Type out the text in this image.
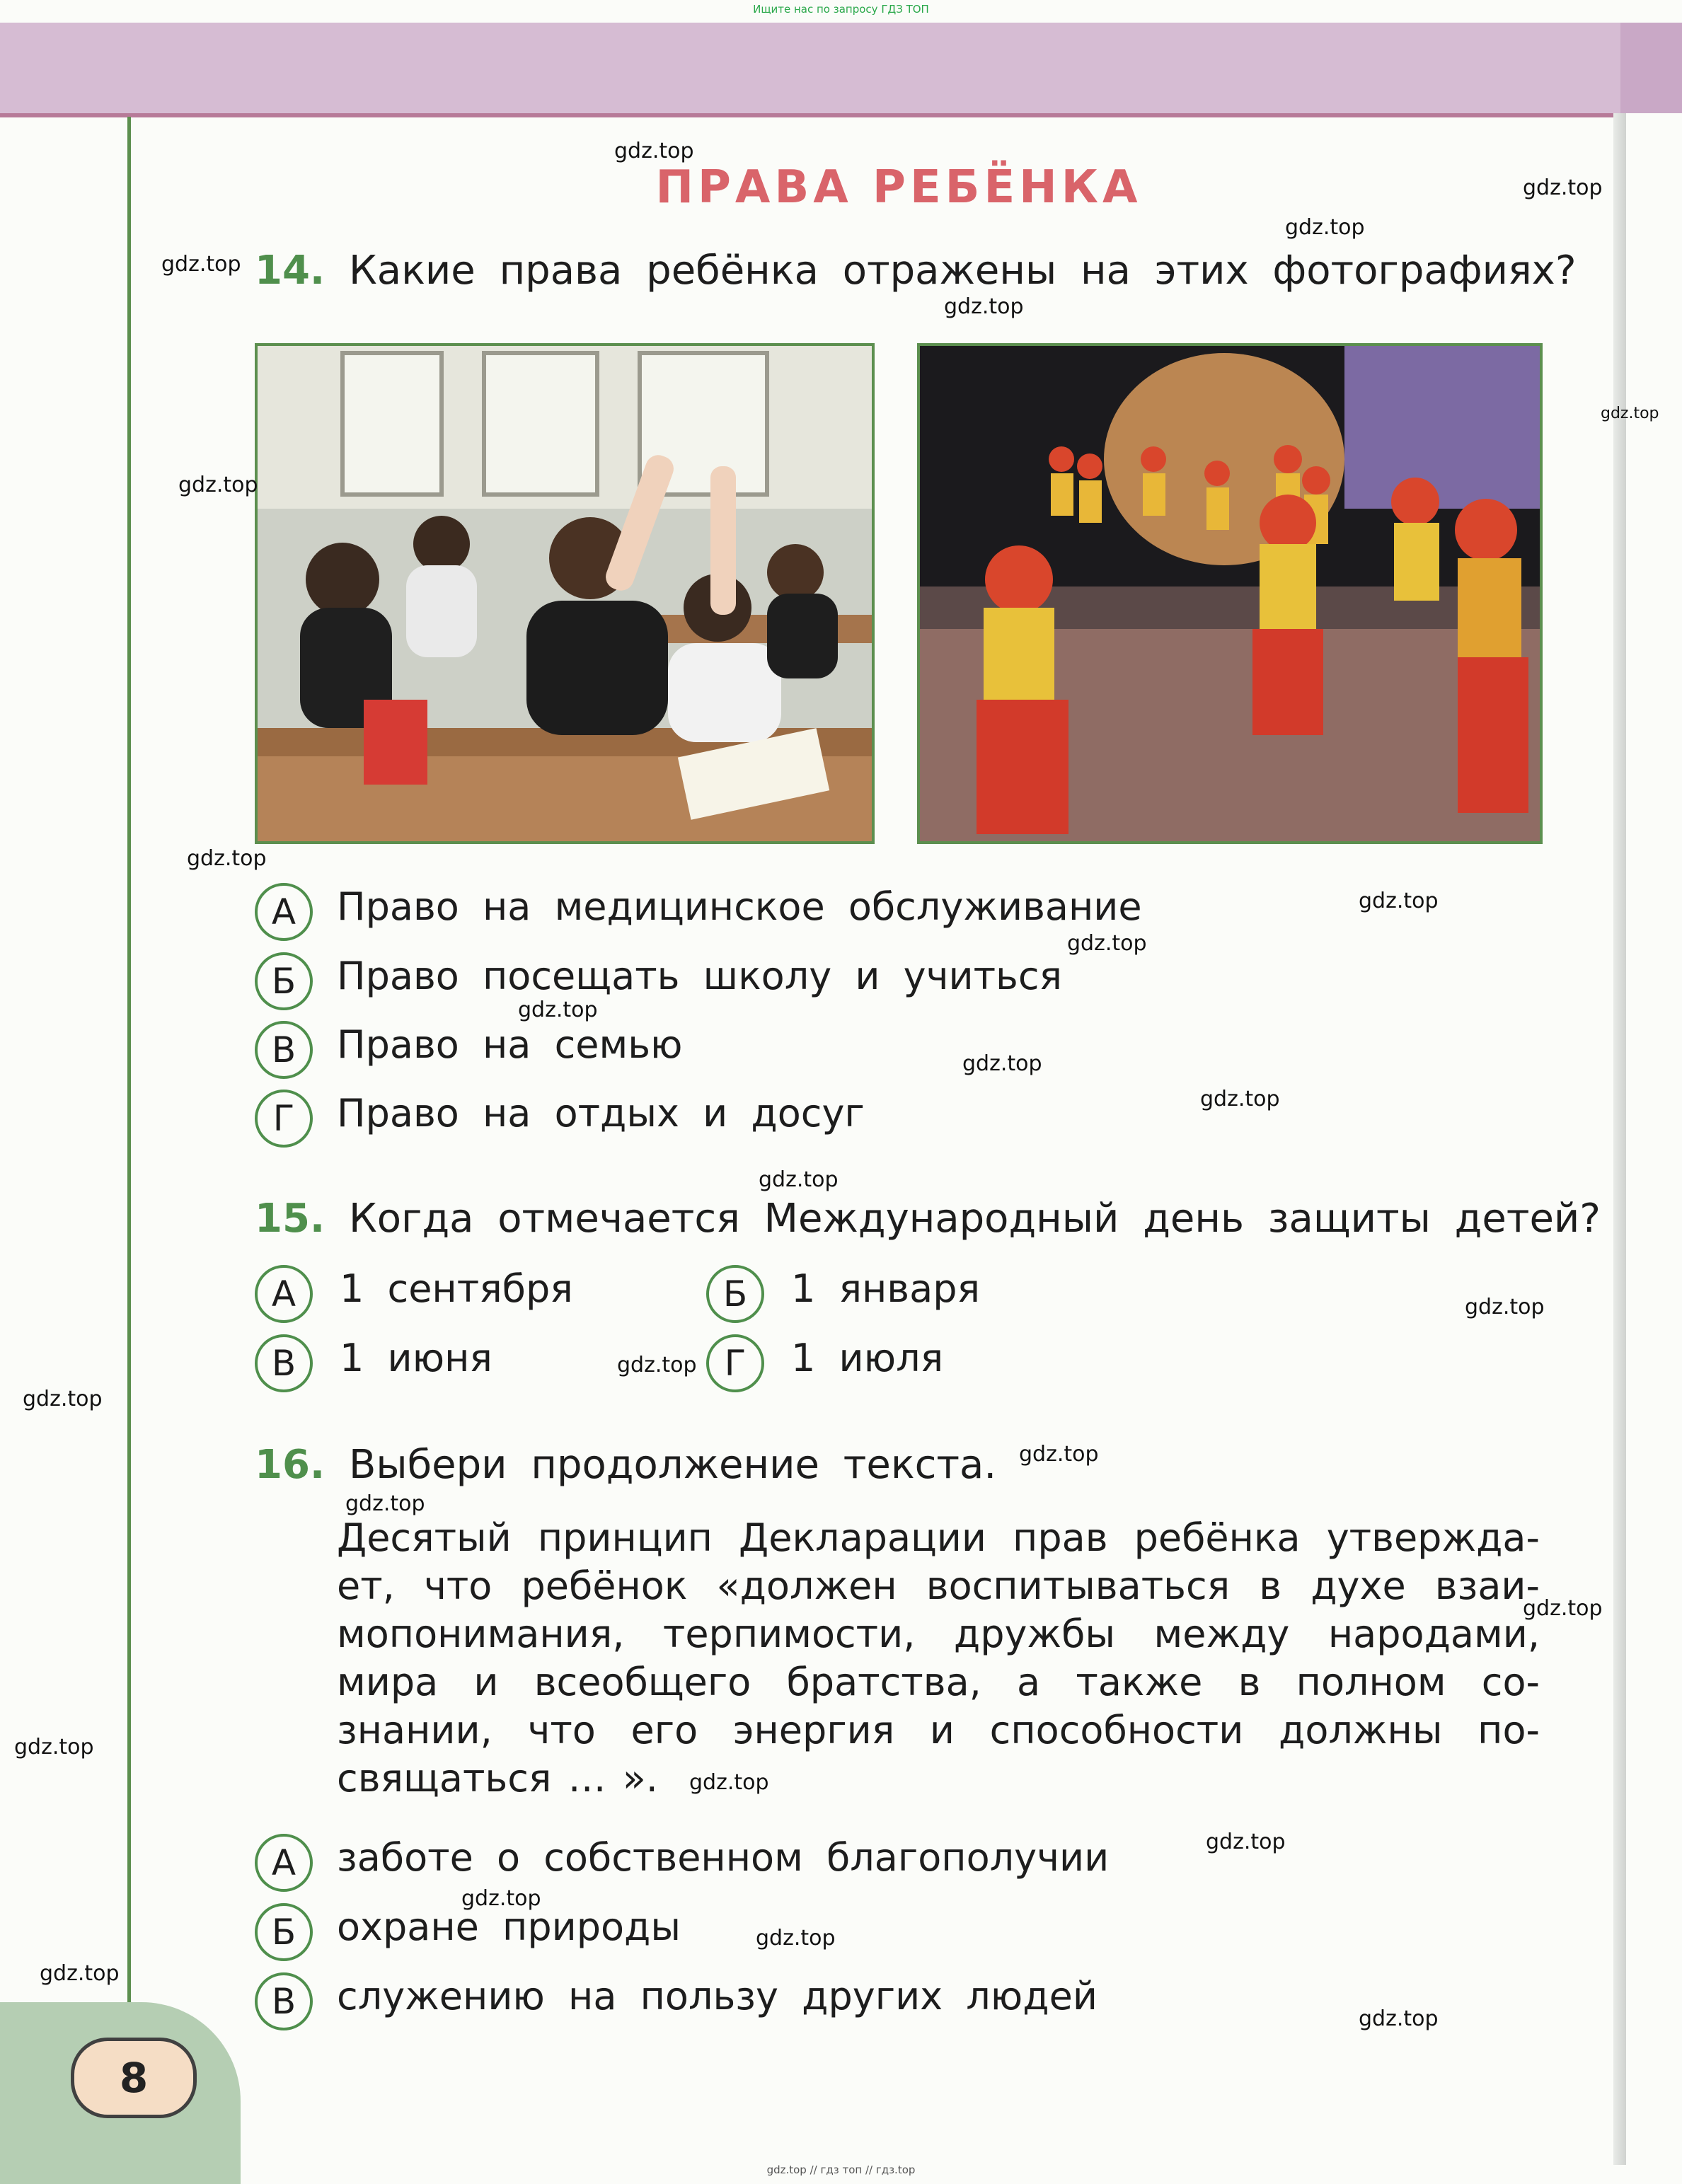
Ищите нас по запросу ГДЗ ТОП
8
ПРАВА РЕБЁНКА
14. Какие права ребёнка отражены на этих фотографиях?
А	Право на медицинское обслуживание
Б	Право посещать школу и учиться
В	Право на семью
Г	Право на отдых и досуг
15. Когда отмечается Международный день защиты детей?
А	1 сентября	Б	1 января
В	1 июня	Г	1 июля
16. Выбери продолжение текста.
Десятый принцип Декларации прав ребёнка утвержда-
ет, что ребёнок «должен воспитываться в духе взаи-
мопонимания, терпимости, дружбы между народами,
мира и всеобщего братства, а также в полном со-
знании, что его энергия и способности должны по-
свящаться … ».
А	заботе о собственном благополучии
Б	охране природы
В	служению на пользу других людей
gdz.top
gdz.top
gdz.top
gdz.top
gdz.top
gdz.top
gdz.top
gdz.top
gdz.top
gdz.top
gdz.top
gdz.top
gdz.top
gdz.top
gdz.top
gdz.top
gdz.top
gdz.top
gdz.top
gdz.top
gdz.top
gdz.top
gdz.top
gdz.top
gdz.top
gdz.top
gdz.top
gdz.top // гдз топ // гдз.top
